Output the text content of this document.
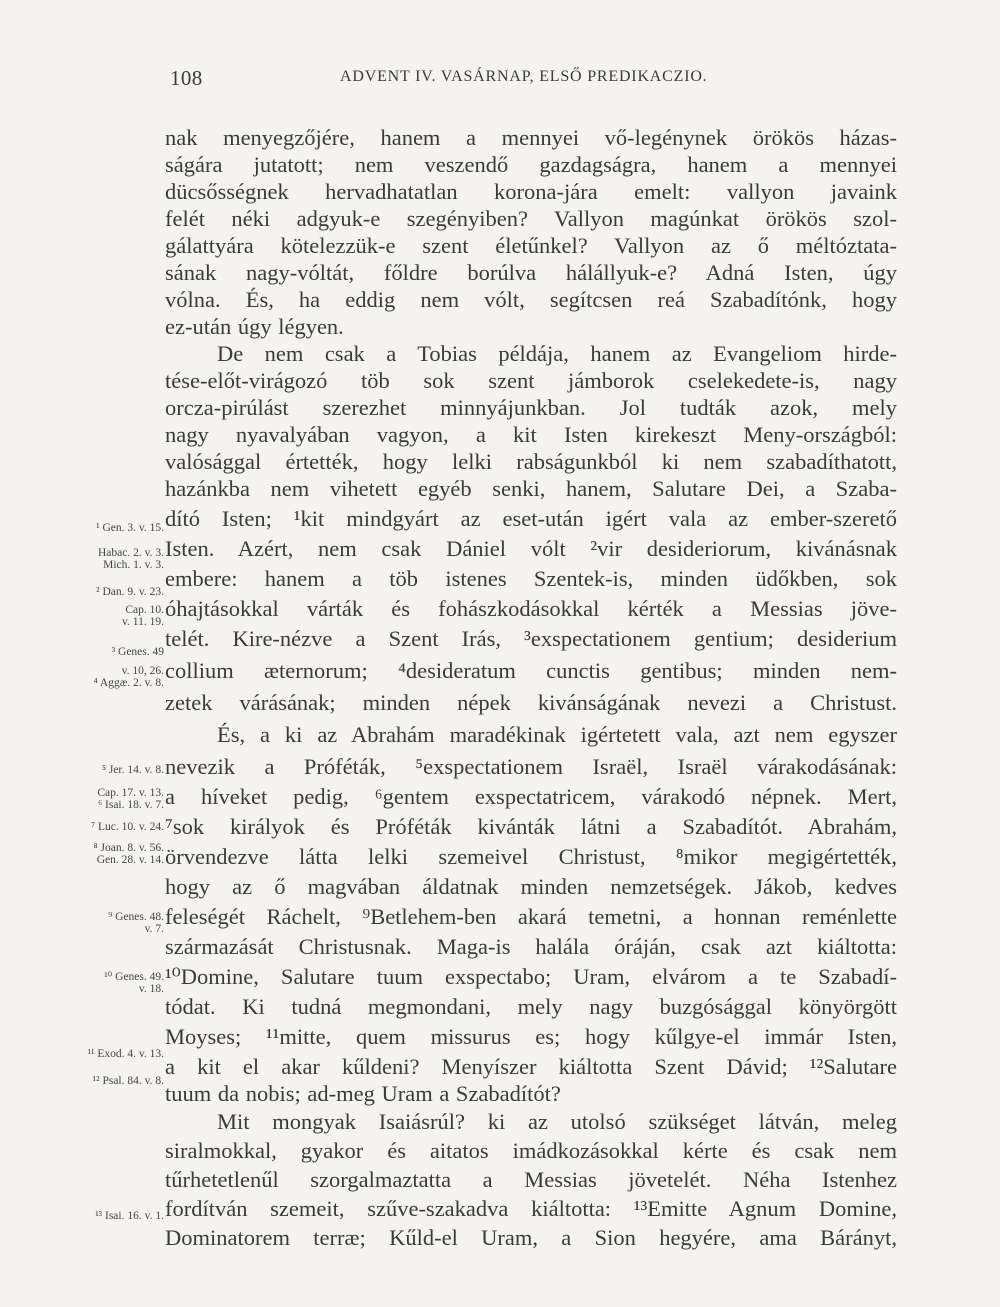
108	ADVENT IV. VASÁRNAP, ELSŐ PREDIKACZIO.
nak menyegzőjére, hanem a mennyei vő-legénynek örökös házas-
ságára jutatott; nem veszendő gazdagságra, hanem a mennyei
dücsősségnek hervadhatatlan korona-jára emelt: vallyon javaink
felét néki adgyuk-e szegényiben? Vallyon magúnkat örökös szol-
gálattyára kötelezzük-e szent életűnkel? Vallyon az ő méltóztata-
sának nagy-vóltát, főldre borúlva hálállyuk-e? Adná Isten, úgy
vólna. És, ha eddig nem vólt, segítcsen reá Szabadítónk, hogy
ez-után úgy légyen.
De nem csak a Tobias példája, hanem az Evangeliom hirde-
tése-előt-virágozó töb sok szent jámborok cselekedete-is, nagy
orcza-pirúlást szerezhet minnyájunkban. Jol tudták azok, mely
nagy nyavalyában vagyon, a kit Isten kirekeszt Meny-országból:
valósággal értették, hogy lelki rabságunkból ki nem szabadíthatott,
hazánkba nem vihetett egyéb senki, hanem, Salutare Dei, a Szaba-
dító Isten; ¹kit mindgyárt az eset-után igért vala az ember-szerető
Isten. Azért, nem csak Dániel vólt ²vir desideriorum, kivánásnak
embere: hanem a töb istenes Szentek-is, minden üdőkben, sok
óhajtásokkal várták és fohászkodásokkal kérték a Messias jöve-
telét. Kire-nézve a Szent Irás, ³exspectationem gentium; desiderium
collium æternorum; ⁴desideratum cunctis gentibus; minden nem-
zetek várásának; minden népek kivánságának nevezi a Christust.
És, a ki az Abrahám maradékinak igértetett vala, azt nem egyszer
nevezik a Próféták, ⁵exspectationem Israël, Israël várakodásának:
a híveket pedig, ⁶gentem exspectatricem, várakodó népnek. Mert,
⁷sok királyok és Próféták kivánták látni a Szabadítót. Abrahám,
örvendezve látta lelki szemeivel Christust, ⁸mikor megigértették,
hogy az ő magvában áldatnak minden nemzetségek. Jákob, kedves
feleségét Ráchelt, ⁹Betlehem-ben akará temetni, a honnan reménlette
származását Christusnak. Maga-is halála óráján, csak azt kiáltotta:
¹⁰Domine, Salutare tuum exspectabo; Uram, elvárom a te Szabadí-
tódat. Ki tudná megmondani, mely nagy buzgósággal könyörgött
Moyses; ¹¹mitte, quem missurus es; hogy kűlgye-el immár Isten,
a kit el akar kűldeni? Menyíszer kiáltotta Szent Dávid; ¹²Salutare
tuum da nobis; ad-meg Uram a Szabadítót?
Mit mongyak Isaiásrúl? ki az utolsó szükséget látván, meleg
siralmokkal, gyakor és aitatos imádkozásokkal kérte és csak nem
tűrhetetlenűl szorgalmaztatta a Messias jövetelét. Néha Istenhez
fordítván szemeit, szűve-szakadva kiáltotta: ¹³Emitte Agnum Domine,
Dominatorem terræ; Kűld-el Uram, a Sion hegyére, ama Bárányt,
¹ Gen. 3. v. 15.
Habac. 2. v. 3.
Mich. 1. v. 3.
² Dan. 9. v. 23.
Cap. 10.
v. 11. 19.
³ Genes. 49
v. 10, 26.
⁴ Aggæ. 2. v. 8.
⁵ Jer. 14. v. 8.
Cap. 17. v. 13.
⁶ Isai. 18. v. 7.
⁷ Luc. 10. v. 24.
⁸ Joan. 8. v. 56.
Gen. 28. v. 14.
⁹ Genes. 48.
v. 7.
¹⁰ Genes. 49.
v. 18.
¹¹ Exod. 4. v. 13.
¹² Psal. 84. v. 8.
¹³ Isai. 16. v. 1.
